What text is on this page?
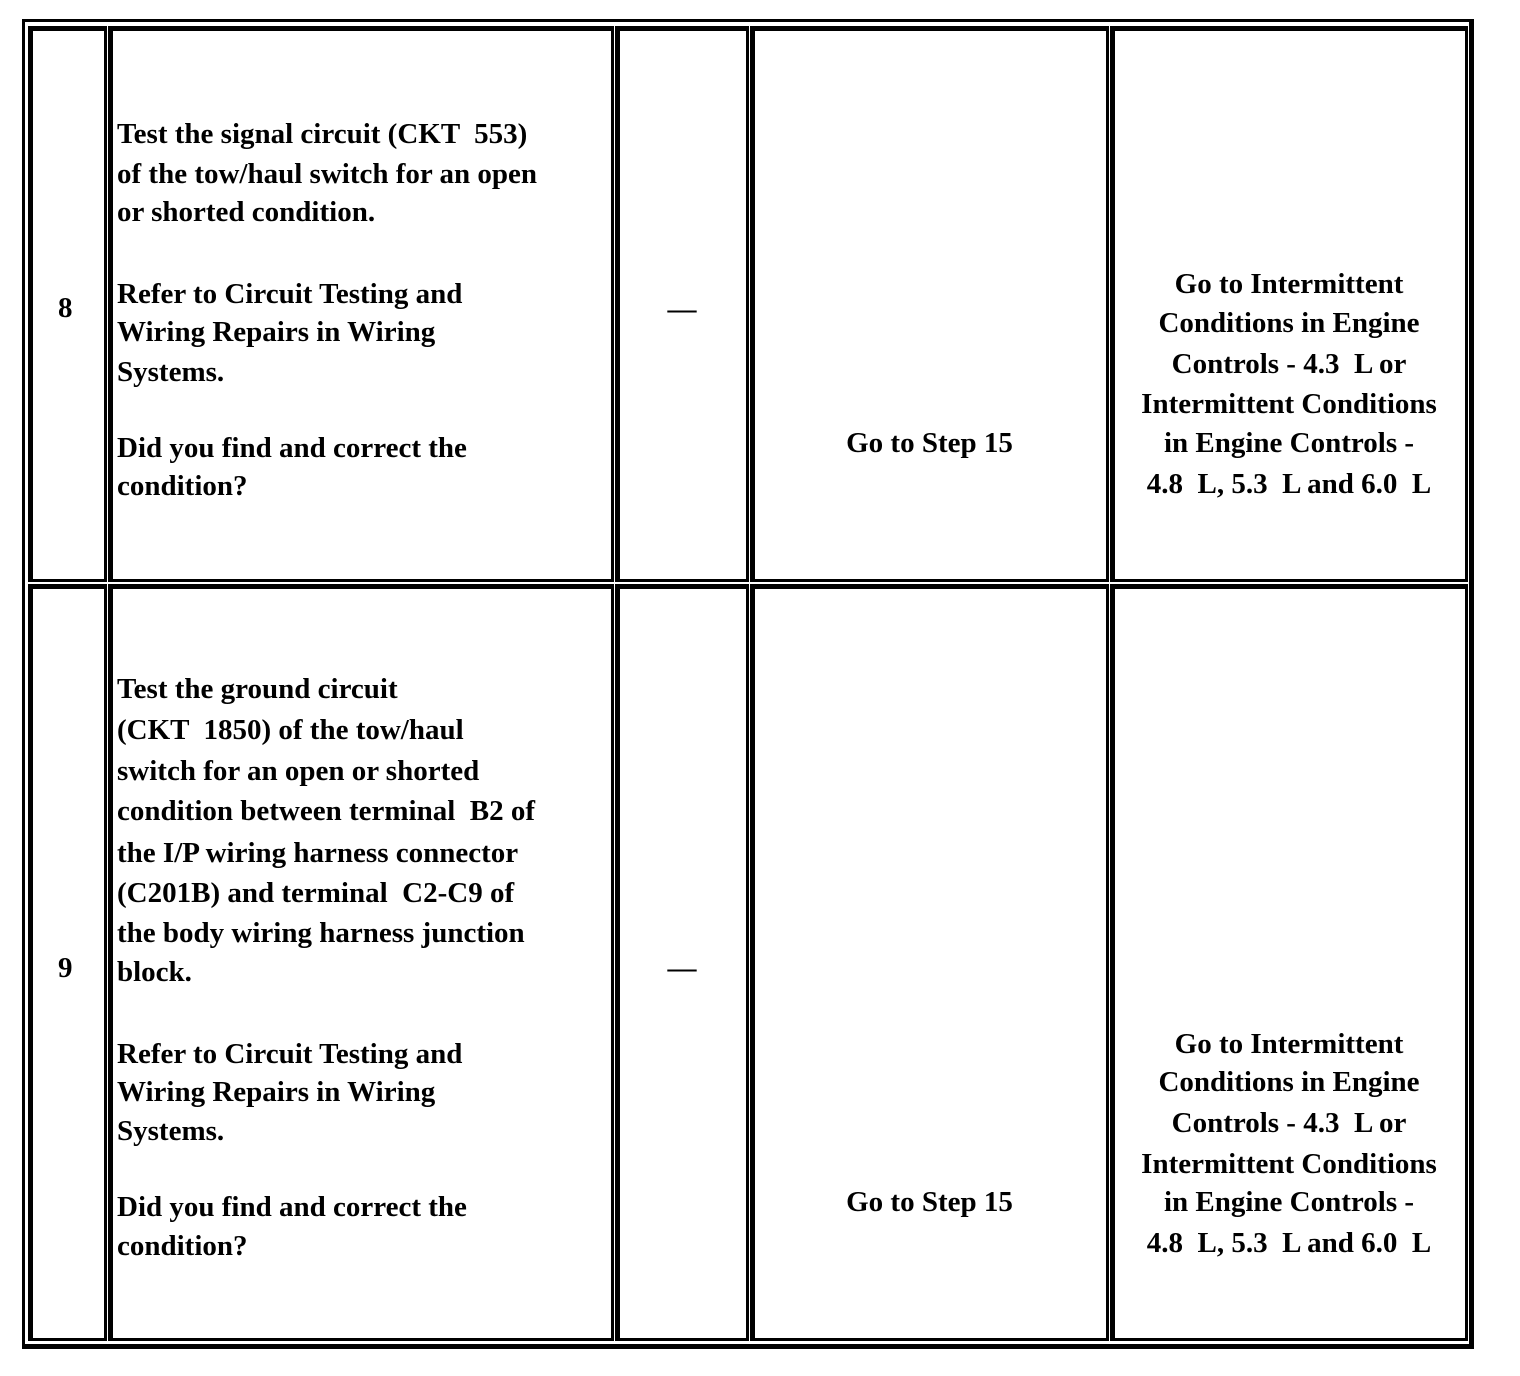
8
Test the signal circuit (CKT  553)
of the tow/haul switch for an open
or shorted condition.
Refer to Circuit Testing and
Wiring Repairs in Wiring
Systems.
Did you find and correct the
condition?
—
Go to Step 15
Go to Intermittent
Conditions in Engine
Controls - 4.3  L or
Intermittent Conditions
in Engine Controls -
4.8  L, 5.3  L and 6.0  L
9
Test the ground circuit
(CKT  1850) of the tow/haul
switch for an open or shorted
condition between terminal  B2 of
the I/P wiring harness connector
(C201B) and terminal  C2-C9 of
the body wiring harness junction
block.
Refer to Circuit Testing and
Wiring Repairs in Wiring
Systems.
Did you find and correct the
condition?
—
Go to Step 15
Go to Intermittent
Conditions in Engine
Controls - 4.3  L or
Intermittent Conditions
in Engine Controls -
4.8  L, 5.3  L and 6.0  L
